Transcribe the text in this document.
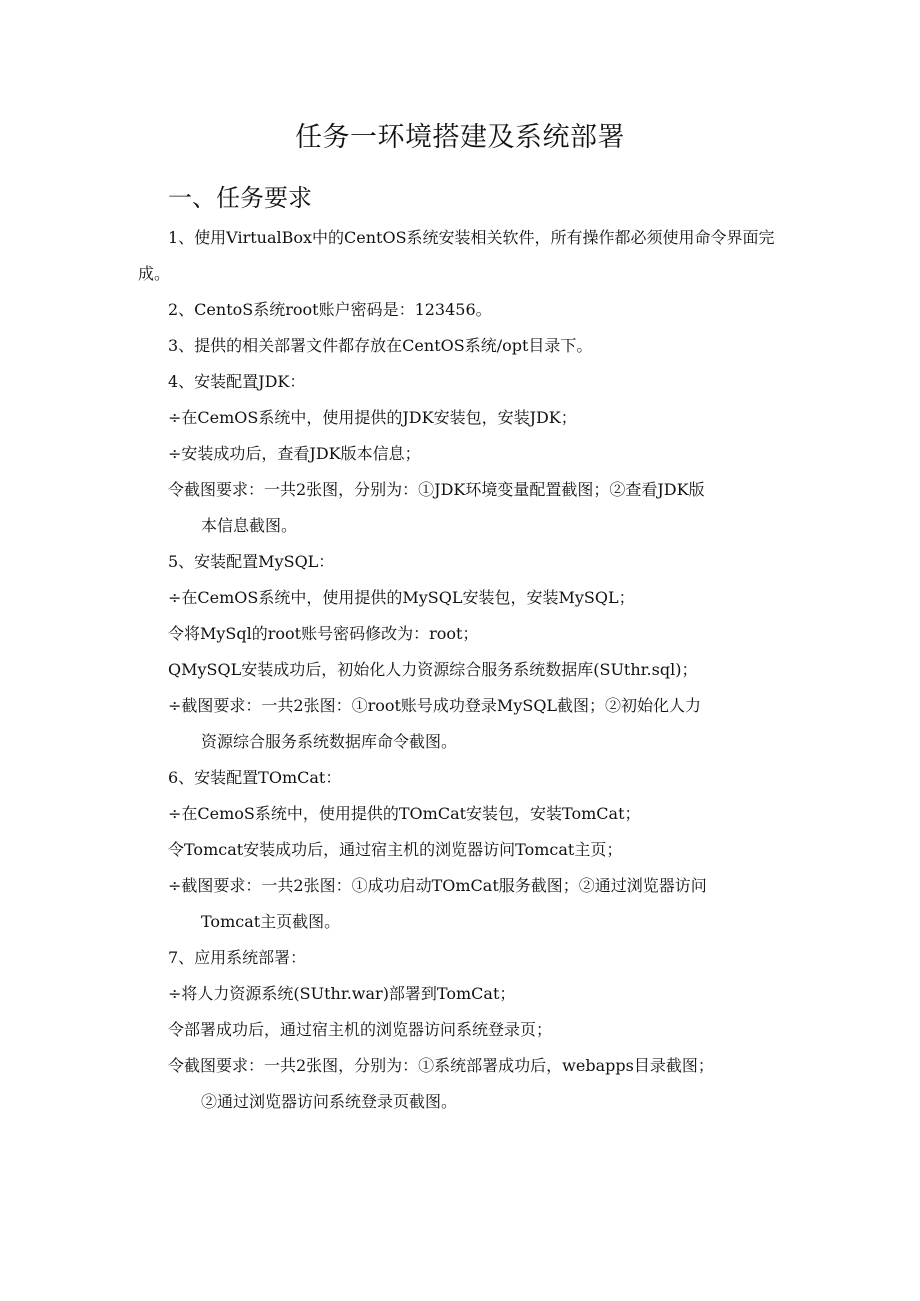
任务一环境搭建及系统部署
一、任务要求

1、使用VirtualBox中的CentOS系统安装相关软件，所有操作都必须使用命令界面完成。

2、CentoS系统root账户密码是：123456。

3、提供的相关部署文件都存放在CentOS系统/opt目录下。

4、安装配置JDK：

÷在CemOS系统中，使用提供的JDK安装包，安装JDK；

÷安装成功后，查看JDK版本信息；

令截图要求：一共2张图，分别为：①JDK环境变量配置截图；②查看JDK版
本信息截图。

5、安装配置MySQL：

÷在CemOS系统中，使用提供的MySQL安装包，安装MySQL；

令将MySql的root账号密码修改为：root；

QMySQL安装成功后，初始化人力资源综合服务系统数据库(SUthr.sql)；

÷截图要求：一共2张图：①root账号成功登录MySQL截图；②初始化人力
资源综合服务系统数据库命令截图。

6、安装配置TOmCat：

÷在CemoS系统中，使用提供的TOmCat安装包，安装TomCat；

令Tomcat安装成功后，通过宿主机的浏览器访问Tomcat主页；

÷截图要求：一共2张图：①成功启动TOmCat服务截图；②通过浏览器访问
Tomcat主页截图。

7、应用系统部署：

÷将人力资源系统(SUthr.war)部署到TomCat；

令部署成功后，通过宿主机的浏览器访问系统登录页；

令截图要求：一共2张图，分别为：①系统部署成功后，webapps目录截图；
②通过浏览器访问系统登录页截图。
